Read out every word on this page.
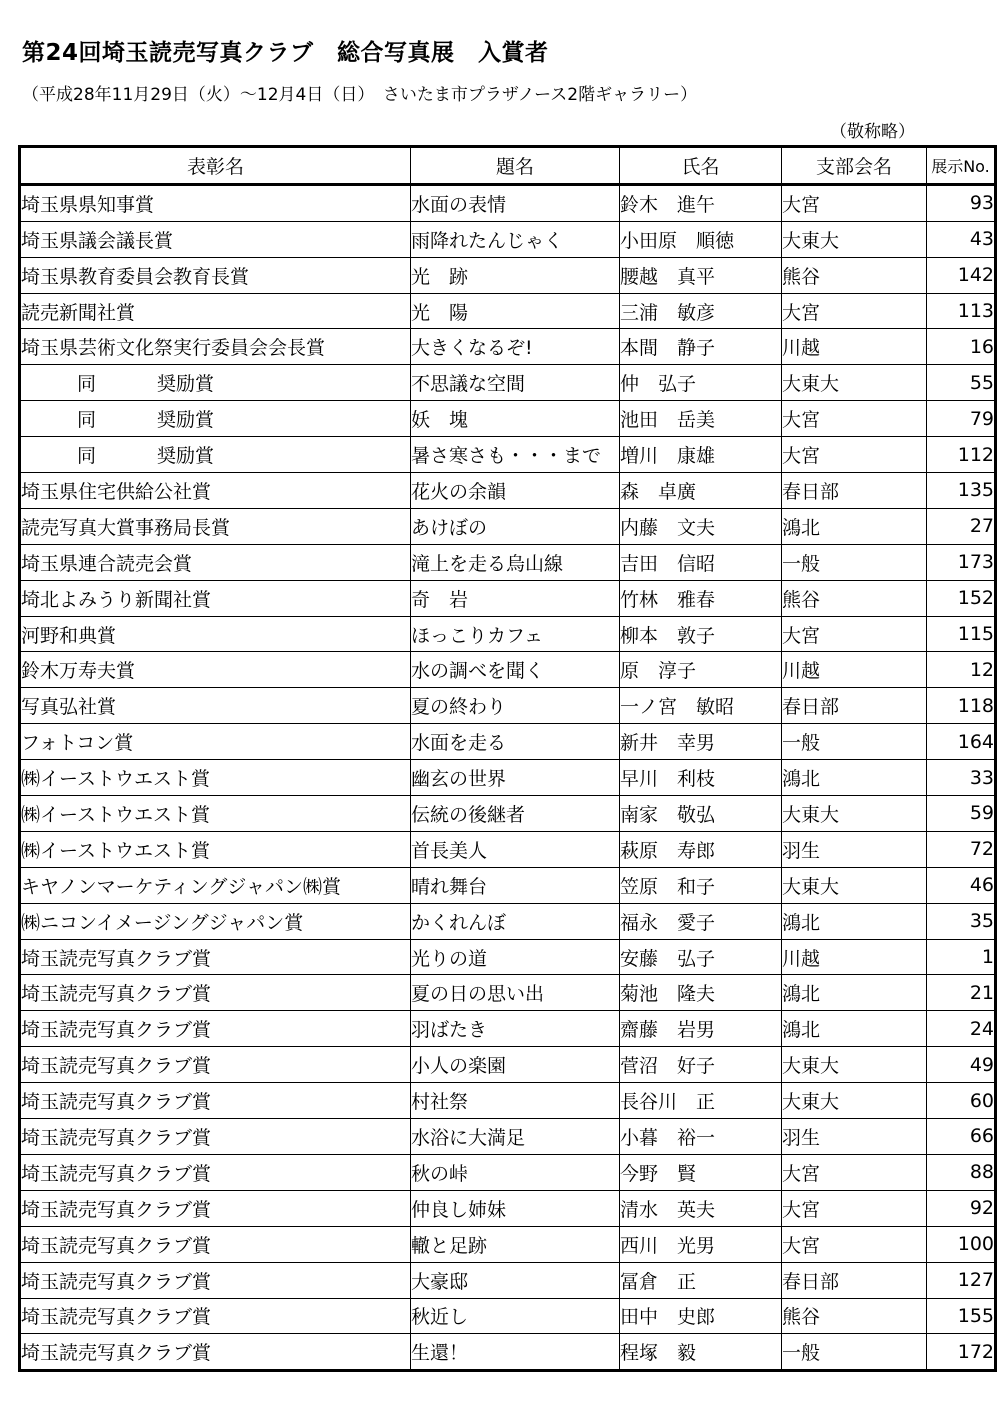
第24回埼玉読売写真クラブ　総合写真展　入賞者
（平成28年11月29日（火）～12月4日（日）　さいたま市プラザノース2階ギャラリー）
（敬称略）
表彰名	題名	氏名	支部会名	展示No.
埼玉県県知事賞	水面の表情	鈴木　進午	大宮	93
埼玉県議会議長賞	雨降れたんじゃく	小田原　順徳	大東大	43
埼玉県教育委員会教育長賞	光　跡	腰越　真平	熊谷	142
読売新聞社賞	光　陽	三浦　敏彦	大宮	113
埼玉県芸術文化祭実行委員会会長賞	大きくなるぞ!	本間　静子	川越	16
同 奨励賞	不思議な空間	仲　弘子	大東大	55
同 奨励賞	妖　塊	池田　岳美	大宮	79
同 奨励賞	暑さ寒さも・・・まで	増川　康雄	大宮	112
埼玉県住宅供給公社賞	花火の余韻	森　卓廣	春日部	135
読売写真大賞事務局長賞	あけぼの	内藤　文夫	鴻北	27
埼玉県連合読売会賞	滝上を走る烏山線	吉田　信昭	一般	173
埼北よみうり新聞社賞	奇　岩	竹林　雅春	熊谷	152
河野和典賞	ほっこりカフェ	柳本　敦子	大宮	115
鈴木万寿夫賞	水の調べを聞く	原　淳子	川越	12
写真弘社賞	夏の終わり	一ノ宮　敏昭	春日部	118
フォトコン賞	水面を走る	新井　幸男	一般	164
㈱イーストウエスト賞	幽玄の世界	早川　利枝	鴻北	33
㈱イーストウエスト賞	伝統の後継者	南家　敬弘	大東大	59
㈱イーストウエスト賞	首長美人	萩原　寿郎	羽生	72
キヤノンマーケティングジャパン㈱賞	晴れ舞台	笠原　和子	大東大	46
㈱ニコンイメージングジャパン賞	かくれんぼ	福永　愛子	鴻北	35
埼玉読売写真クラブ賞	光りの道	安藤　弘子	川越	1
埼玉読売写真クラブ賞	夏の日の思い出	菊池　隆夫	鴻北	21
埼玉読売写真クラブ賞	羽ばたき	齋藤　岩男	鴻北	24
埼玉読売写真クラブ賞	小人の楽園	菅沼　好子	大東大	49
埼玉読売写真クラブ賞	村社祭	長谷川　正	大東大	60
埼玉読売写真クラブ賞	水浴に大満足	小暮　裕一	羽生	66
埼玉読売写真クラブ賞	秋の峠	今野　賢	大宮	88
埼玉読売写真クラブ賞	仲良し姉妹	清水　英夫	大宮	92
埼玉読売写真クラブ賞	轍と足跡	西川　光男	大宮	100
埼玉読売写真クラブ賞	大豪邸	冨倉　正	春日部	127
埼玉読売写真クラブ賞	秋近し	田中　史郎	熊谷	155
埼玉読売写真クラブ賞	生還！	程塚　毅	一般	172
